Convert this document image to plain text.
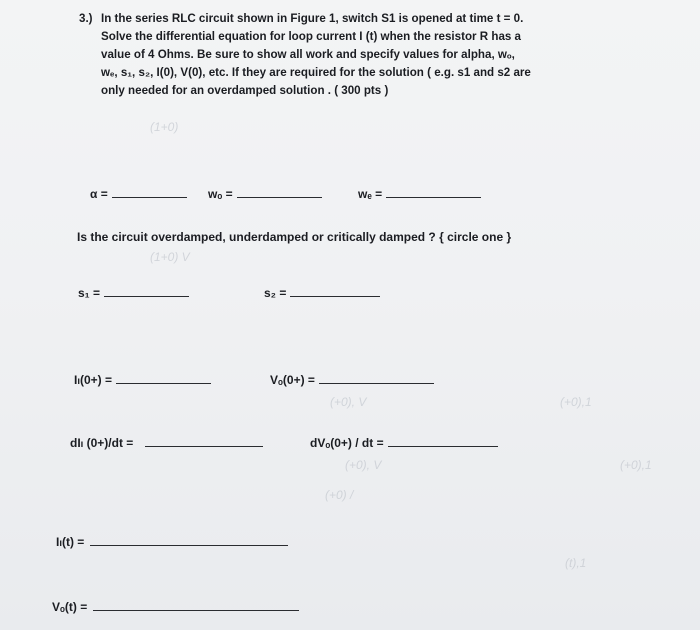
(1+0)
(1+0) V
(+0), V	(+0),1
(+0), V	(+0),1
(+0) /
(t),1
3.) In the series RLC circuit shown in Figure 1, switch S1 is opened at time t = 0.
Solve the differential equation for loop current I (t) when the resistor R has a
value of 4 Ohms. Be sure to show all work and specify values for alpha, wₒ,
wₑ, s₁, s₂, I(0), V(0), etc. If they are required for the solution ( e.g. s1 and s2 are
only needed for an overdamped solution . ( 300 pts )
α =	wₒ =	wₑ =
Is the circuit overdamped, underdamped or critically damped ? { circle one }
s₁ =	s₂ =
Iₗ(0+) =	Vₒ(0+) =
dIₗ (0+)/dt =	dVₒ(0+) / dt =
Iₗ(t) =
Vₒ(t) =
